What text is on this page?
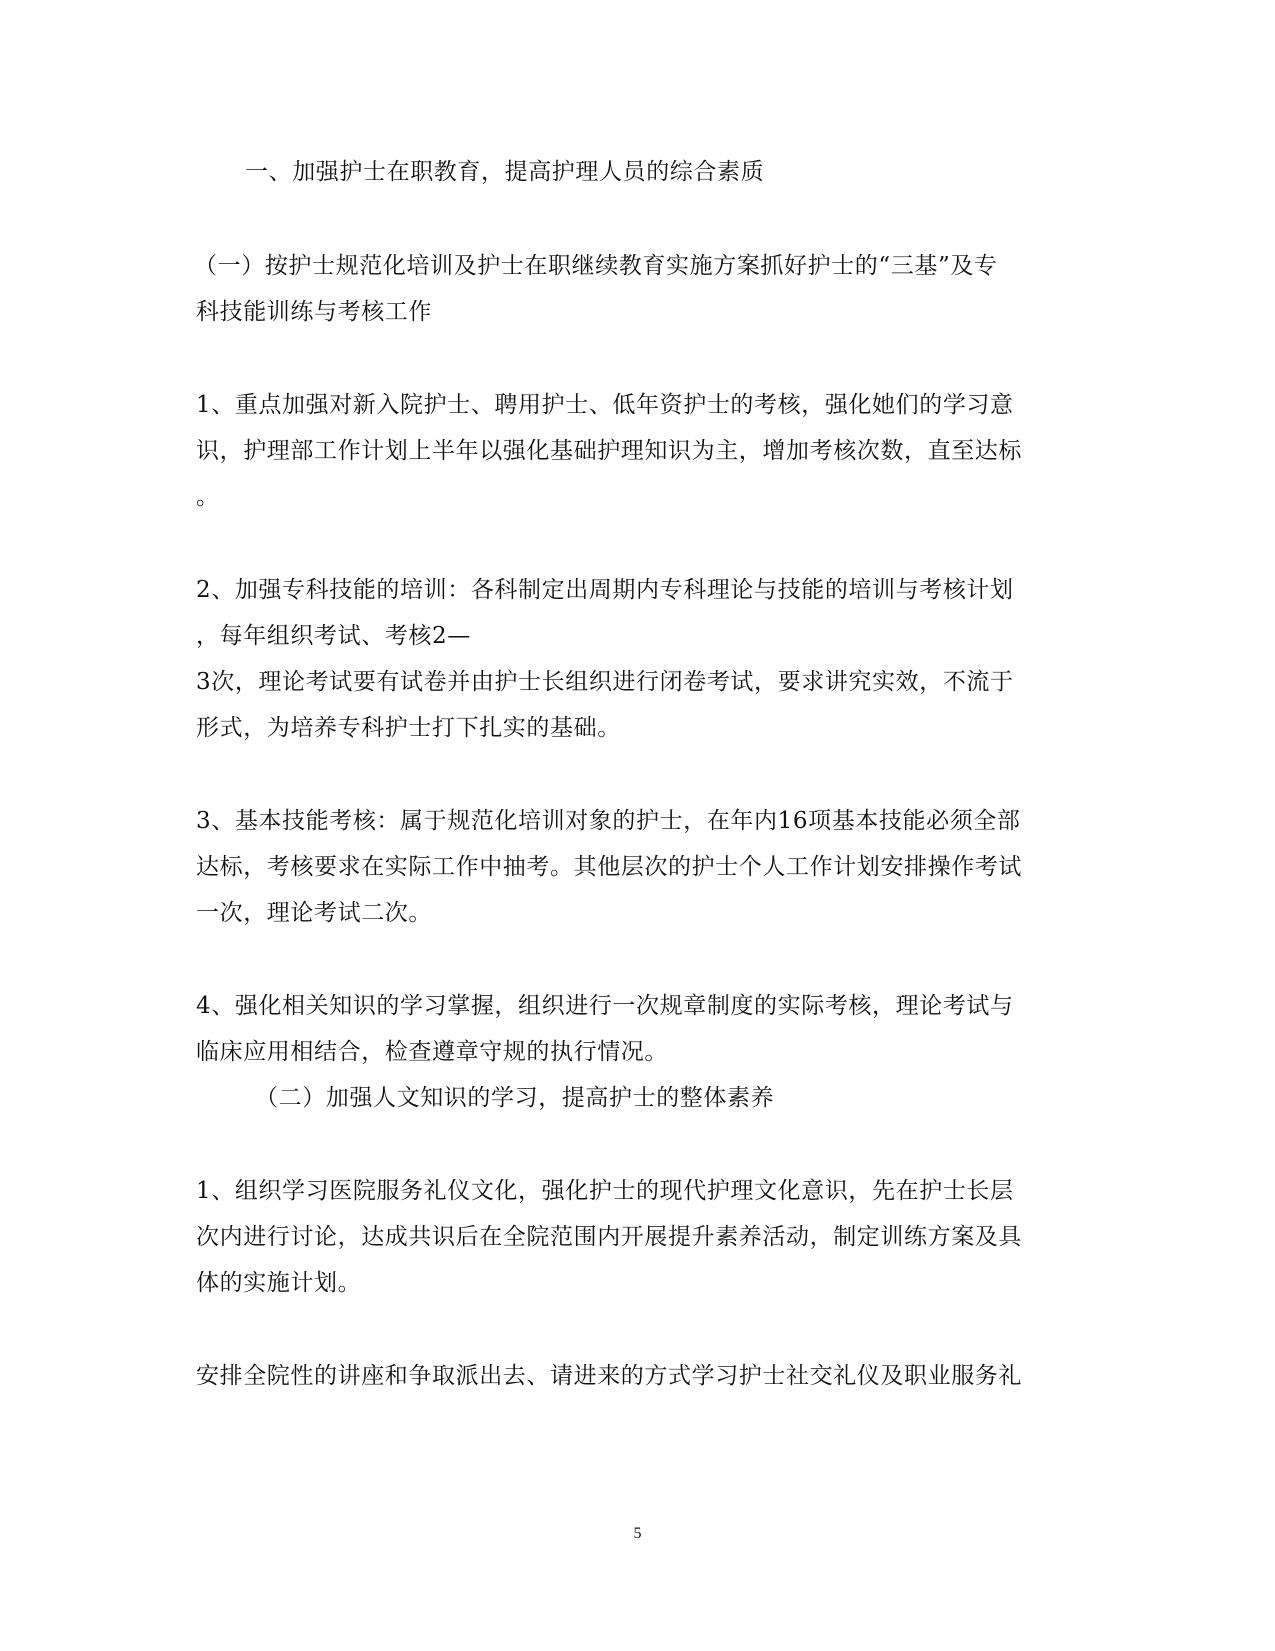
一、加强护士在职教育，提高护理人员的综合素质
（一）按护士规范化培训及护士在职继续教育实施方案抓好护士的“三基”及专
科技能训练与考核工作
1、重点加强对新入院护士、聘用护士、低年资护士的考核，强化她们的学习意
识，护理部工作计划上半年以强化基础护理知识为主，增加考核次数，直至达标
。
2、加强专科技能的培训：各科制定出周期内专科理论与技能的培训与考核计划
，每年组织考试、考核2—
3次，理论考试要有试卷并由护士长组织进行闭卷考试，要求讲究实效，不流于
形式，为培养专科护士打下扎实的基础。
3、基本技能考核：属于规范化培训对象的护士，在年内16项基本技能必须全部
达标，考核要求在实际工作中抽考。其他层次的护士个人工作计划安排操作考试
一次，理论考试二次。
4、强化相关知识的学习掌握，组织进行一次规章制度的实际考核，理论考试与
临床应用相结合，检查遵章守规的执行情况。
（二）加强人文知识的学习，提高护士的整体素养
1、组织学习医院服务礼仪文化，强化护士的现代护理文化意识，先在护士长层
次内进行讨论，达成共识后在全院范围内开展提升素养活动，制定训练方案及具
体的实施计划。
安排全院性的讲座和争取派出去、请进来的方式学习护士社交礼仪及职业服务礼
5
